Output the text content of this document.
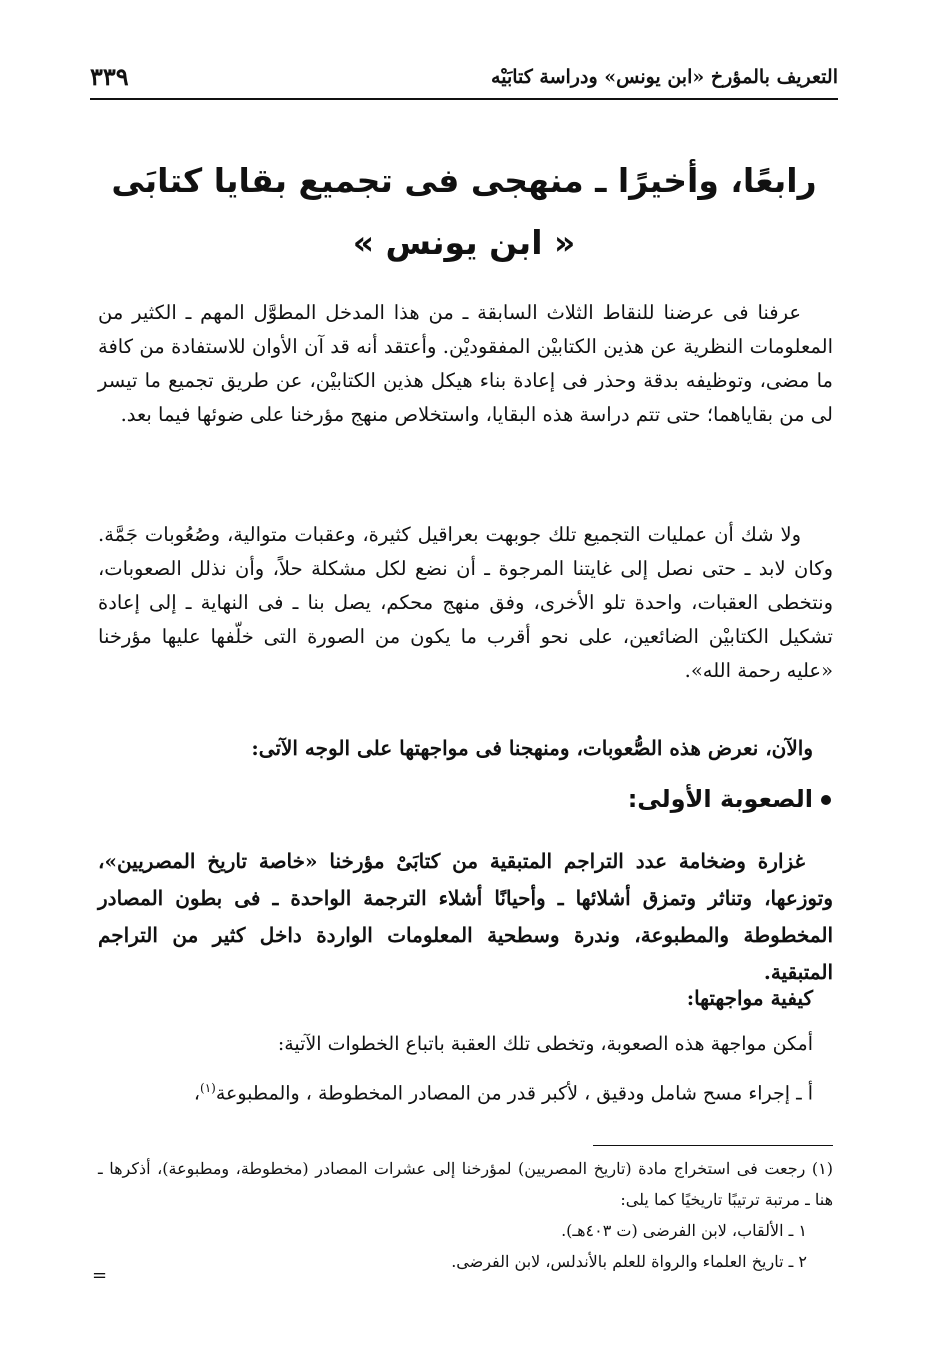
التعريف بالمؤرخ «ابن يونس» ودراسة كتابَيْه
٣٣٩
رابعًا، وأخيرًا ـ منهجى فى تجميع بقايا كتابَى
« ابن يونس »

عرفنا فى عرضنا للنقاط الثلاث السابقة ـ من هذا المدخل المطوَّل المهم ـ الكثير من المعلومات النظرية عن هذين الكتابيْن المفقوديْن. وأعتقد أنه قد آن الأوان للاستفادة من كافة ما مضى، وتوظيفه بدقة وحذر فى إعادة بناء هيكل هذين الكتابيْن، عن طريق تجميع ما تيسر لى من بقاياهما؛ حتى تتم دراسة هذه البقايا، واستخلاص منهج مؤرخنا على ضوئها فيما بعد.

ولا شك أن عمليات التجميع تلك جوبهت بعراقيل كثيرة، وعقبات متوالية، وصُعُوبات جَمَّة. وكان لابد ـ حتى نصل إلى غايتنا المرجوة ـ أن نضع لكل مشكلة حلاً، وأن نذلل الصعوبات، ونتخطى العقبات، واحدة تلو الأخرى، وفق منهج محكم، يصل بنا ـ فى النهاية ـ إلى إعادة تشكيل الكتابيْن الضائعين، على نحو أقرب ما يكون من الصورة التى خلّفها عليها مؤرخنا «عليه رحمة الله».

والآن، نعرض هذه الصُّعوبات، ومنهجنا فى مواجهتها على الوجه الآتى:
الصعوبة الأولى:
غزارة وضخامة عدد التراجم المتبقية من كتابَىْ مؤرخنا «خاصة تاريخ المصريين»، وتوزعها، وتناثر وتمزق أشلائها ـ وأحيانًا أشلاء الترجمة الواحدة ـ فى بطون المصادر المخطوطة والمطبوعة، وندرة وسطحية المعلومات الواردة داخل كثير من التراجم المتبقية.
كيفية مواجهتها:
أمكن مواجهة هذه الصعوبة، وتخطى تلك العقبة باتباع الخطوات الآتية:
أ ـ إجراء مسح شامل ودقيق ، لأكبر قدر من المصادر المخطوطة ، والمطبوعة$^{(١)}$،
(١) رجعت فى استخراج مادة (تاريخ المصريين) لمؤرخنا إلى عشرات المصادر (مخطوطة، ومطبوعة)، أذكرها ـ هنا ـ مرتبة ترتيبًا تاريخيًا كما يلى:
١ ـ الألقاب، لابن الفرضى (ت ٤٠٣هـ).
٢ ـ تاريخ العلماء والرواة للعلم بالأندلس، لابن الفرضى.
=
